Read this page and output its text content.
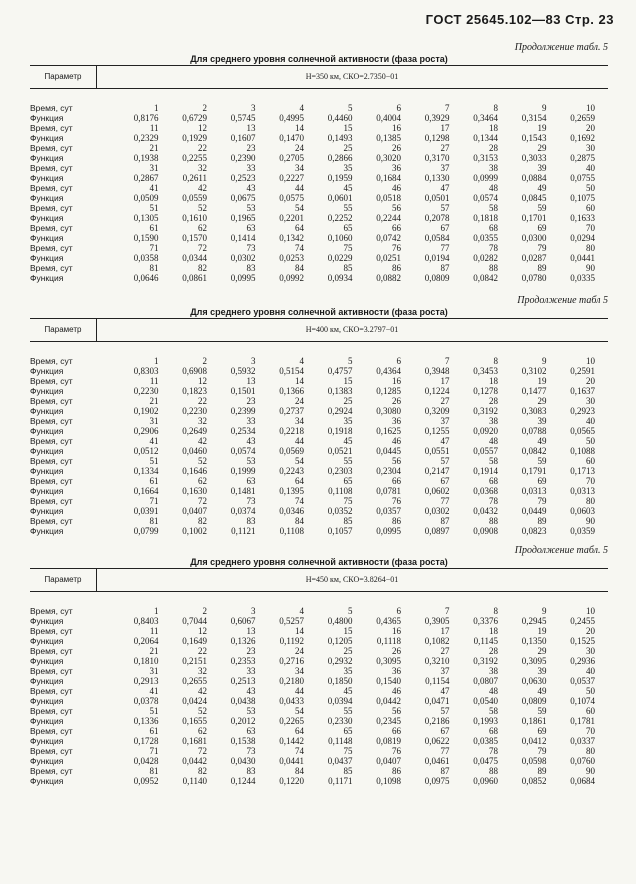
ГОСТ 25645.102—83 Стр. 23
Продолжение табл. 5
Для среднего уровня солнечной активности (фаза роста)
Параметр	H=350 км, СКО=2.7350−01
Время, сут	1	2	3	4	5	6	7	8	9	10
Функция	0,8176	0,6729	0,5745	0,4995	0,4460	0,4004	0,3929	0,3464	0,3154	0,2659
Время, сут	11	12	13	14	15	16	17	18	19	20
Функция	0,2329	0,1929	0,1607	0,1470	0,1493	0,1385	0,1298	0,1344	0,1543	0,1692
Время, сут	21	22	23	24	25	26	27	28	29	30
Функция	0,1938	0,2255	0,2390	0,2705	0,2866	0,3020	0,3170	0,3153	0,3033	0,2875
Время, сут	31	32	33	34	35	36	37	38	39	40
Функция	0,2867	0,2611	0,2523	0,2227	0,1959	0,1684	0,1330	0,0999	0,0884	0,0755
Время, сут	41	42	43	44	45	46	47	48	49	50
Функция	0,0509	0,0559	0,0675	0,0575	0,0601	0,0518	0,0501	0,0574	0,0845	0,1075
Время, сут	51	52	53	54	55	56	57	58	59	60
Функция	0,1305	0,1610	0,1965	0,2201	0,2252	0,2244	0,2078	0,1818	0,1701	0,1633
Время, сут	61	62	63	64	65	66	67	68	69	70
Функция	0,1590	0,1570	0,1414	0,1342	0,1060	0,0742	0,0584	0,0355	0,0300	0,0294
Время, сут	71	72	73	74	75	76	77	78	79	80
Функция	0,0358	0,0344	0,0302	0,0253	0,0229	0,0251	0,0194	0,0282	0,0287	0,0441
Время, сут	81	82	83	84	85	86	87	88	89	90
Функция	0,0646	0,0861	0,0995	0,0992	0,0934	0,0882	0,0809	0,0842	0,0780	0,0335
Продолжение табл 5
Для среднего уровня солнечной активности (фаза роста)
Параметр	H=400 км, СКО=3.2797−01
Время, сут	1	2	3	4	5	6	7	8	9	10
Функция	0,8303	0,6908	0,5932	0,5154	0,4757	0,4364	0,3948	0,3453	0,3102	0,2591
Время, сут	11	12	13	14	15	16	17	18	19	20
Функция	0,2230	0,1823	0,1501	0,1366	0,1383	0,1285	0,1224	0,1278	0,1477	0,1637
Время, сут	21	22	23	24	25	26	27	28	29	30
Функция	0,1902	0,2230	0,2399	0,2737	0,2924	0,3080	0,3209	0,3192	0,3083	0,2923
Время, сут	31	32	33	34	35	36	37	38	39	40
Функция	0,2906	0,2649	0,2534	0,2218	0,1918	0,1625	0,1255	0,0920	0,0788	0,0565
Время, сут	41	42	43	44	45	46	47	48	49	50
Функция	0,0512	0,0460	0,0574	0,0569	0,0521	0,0445	0,0551	0,0557	0,0842	0,1088
Время, сут	51	52	53	54	55	56	57	58	59	60
Функция	0,1334	0,1646	0,1999	0,2243	0,2303	0,2304	0,2147	0,1914	0,1791	0,1713
Время, сут	61	62	63	64	65	66	67	68	69	70
Функция	0,1664	0,1630	0,1481	0,1395	0,1108	0,0781	0,0602	0,0368	0,0313	0,0313
Время, сут	71	72	73	74	75	76	77	78	79	80
Функция	0,0391	0,0407	0,0374	0,0346	0,0352	0,0357	0,0302	0,0432	0,0449	0,0603
Время, сут	81	82	83	84	85	86	87	88	89	90
Функция	0,0799	0,1002	0,1121	0,1108	0,1057	0,0995	0,0897	0,0908	0,0823	0,0359
Продолжение табл. 5
Для среднего уровня солнечной активности (фаза роста)
Параметр	H=450 км, СКО=3.8264−01
Время, сут	1	2	3	4	5	6	7	8	9	10
Функция	0,8403	0,7044	0,6067	0,5257	0,4800	0,4365	0,3905	0,3376	0,2945	0,2455
Время, сут	11	12	13	14	15	16	17	18	19	20
Функция	0,2064	0,1649	0,1326	0,1192	0,1205	0,1118	0,1082	0,1145	0,1350	0,1525
Время, сут	21	22	23	24	25	26	27	28	29	30
Функция	0,1810	0,2151	0,2353	0,2716	0,2932	0,3095	0,3210	0,3192	0,3095	0,2936
Время, сут	31	32	33	34	35	36	37	38	39	40
Функция	0,2913	0,2655	0,2513	0,2180	0,1850	0,1540	0,1154	0,0807	0,0630	0,0537
Время, сут	41	42	43	44	45	46	47	48	49	50
Функция	0,0378	0,0424	0,0438	0,0433	0,0394	0,0442	0,0471	0,0540	0,0809	0,1074
Время, сут	51	52	53	54	55	56	57	58	59	60
Функция	0,1336	0,1655	0,2012	0,2265	0,2330	0,2345	0,2186	0,1993	0,1861	0,1781
Время, сут	61	62	63	64	65	66	67	68	69	70
Функция	0,1728	0,1681	0,1538	0,1442	0,1148	0,0819	0,0622	0,0385	0,0412	0,0337
Время, сут	71	72	73	74	75	76	77	78	79	80
Функция	0,0428	0,0442	0,0430	0,0441	0,0437	0,0407	0,0461	0,0475	0,0598	0,0760
Время, сут	81	82	83	84	85	86	87	88	89	90
Функция	0,0952	0,1140	0,1244	0,1220	0,1171	0,1098	0,0975	0,0960	0,0852	0,0684
